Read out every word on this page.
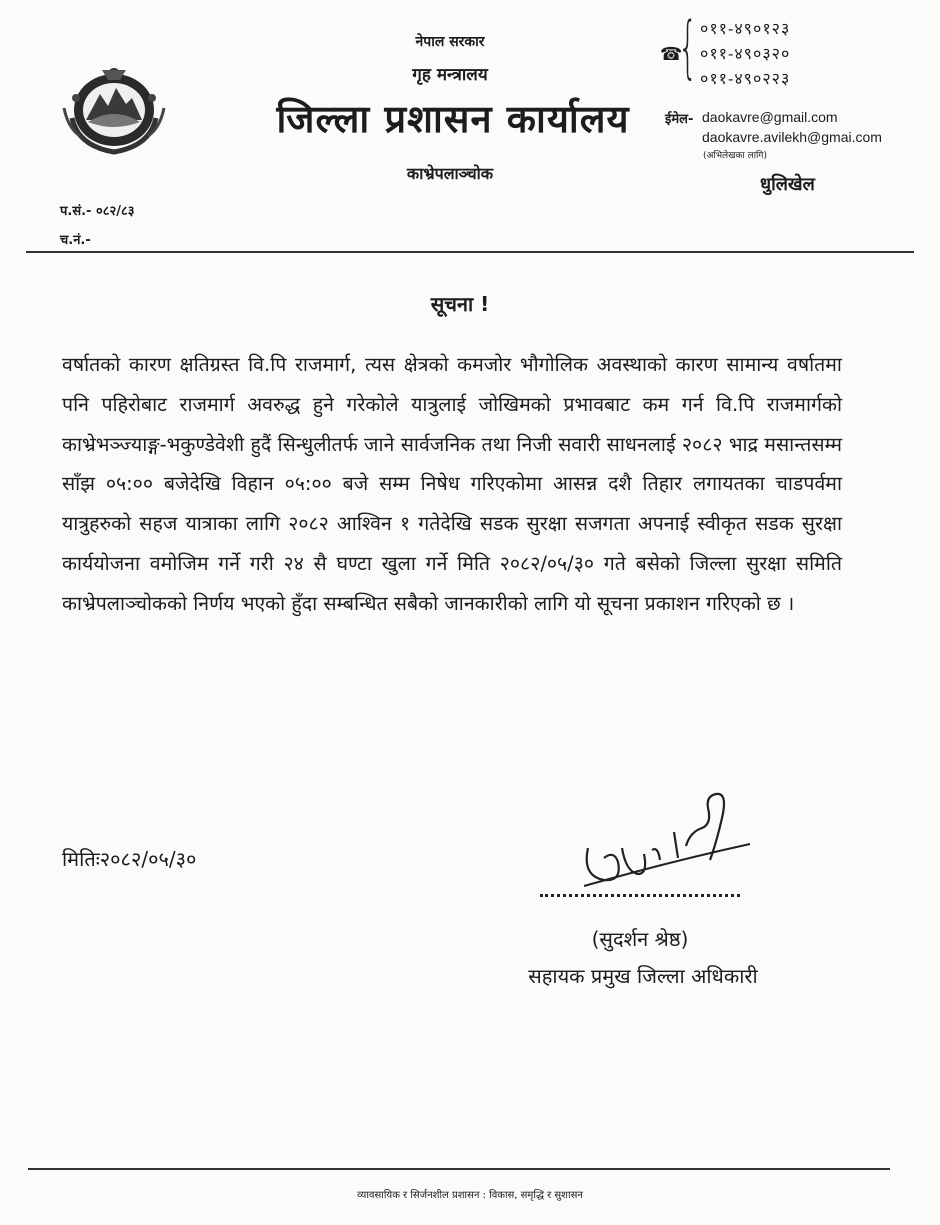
नेपाल सरकार
गृह मन्त्रालय
जिल्ला प्रशासन कार्यालय
काभ्रेपलाञ्चोक
☎
{ ०११-४९०१२३
०११-४९०३२०
०११-४९०२२३
ईमेल- daokavre@gmail.com
daokavre.avilekh@gmai.com
(अभिलेखका लागि)
धुलिखेल
प.सं.- ०८२/८३
च.नं.-
सूचना !
वर्षातको कारण क्षतिग्रस्त वि.पि राजमार्ग, त्यस क्षेत्रको कमजोर भौगोलिक अवस्थाको कारण सामान्य वर्षातमा पनि पहिरोबाट राजमार्ग अवरुद्ध हुने गरेकोले यात्रुलाई जोखिमको प्रभावबाट कम गर्न वि.पि राजमार्गको काभ्रेभञ्ज्याङ्ग-भकुण्डेवेशी हुदैं सिन्धुलीतर्फ जाने सार्वजनिक तथा निजी सवारी साधनलाई २०८२ भाद्र मसान्तसम्म साँझ ०५:०० बजेदेखि विहान ०५:०० बजे सम्म निषेध गरिएकोमा आसन्न दशै तिहार लगायतका चाडपर्वमा यात्रुहरुको सहज यात्राका लागि २०८२ आश्विन १ गतेदेखि सडक सुरक्षा सजगता अपनाई स्वीकृत सडक सुरक्षा कार्ययोजना वमोजिम गर्ने गरी २४ सै घण्टा खुला गर्ने मिति २०८२/०५/३० गते बसेको जिल्ला सुरक्षा समिति काभ्रेपलाञ्चोकको निर्णय भएको हुँदा सम्बन्धित सबैको जानकारीको लागि यो सूचना प्रकाशन गरिएको छ ।
मितिः२०८२/०५/३०
(सुदर्शन श्रेष्ठ)
सहायक प्रमुख जिल्ला अधिकारी
व्यावसायिक र सिर्जनशील प्रशासन : विकास, समृद्धि र सुशासन
